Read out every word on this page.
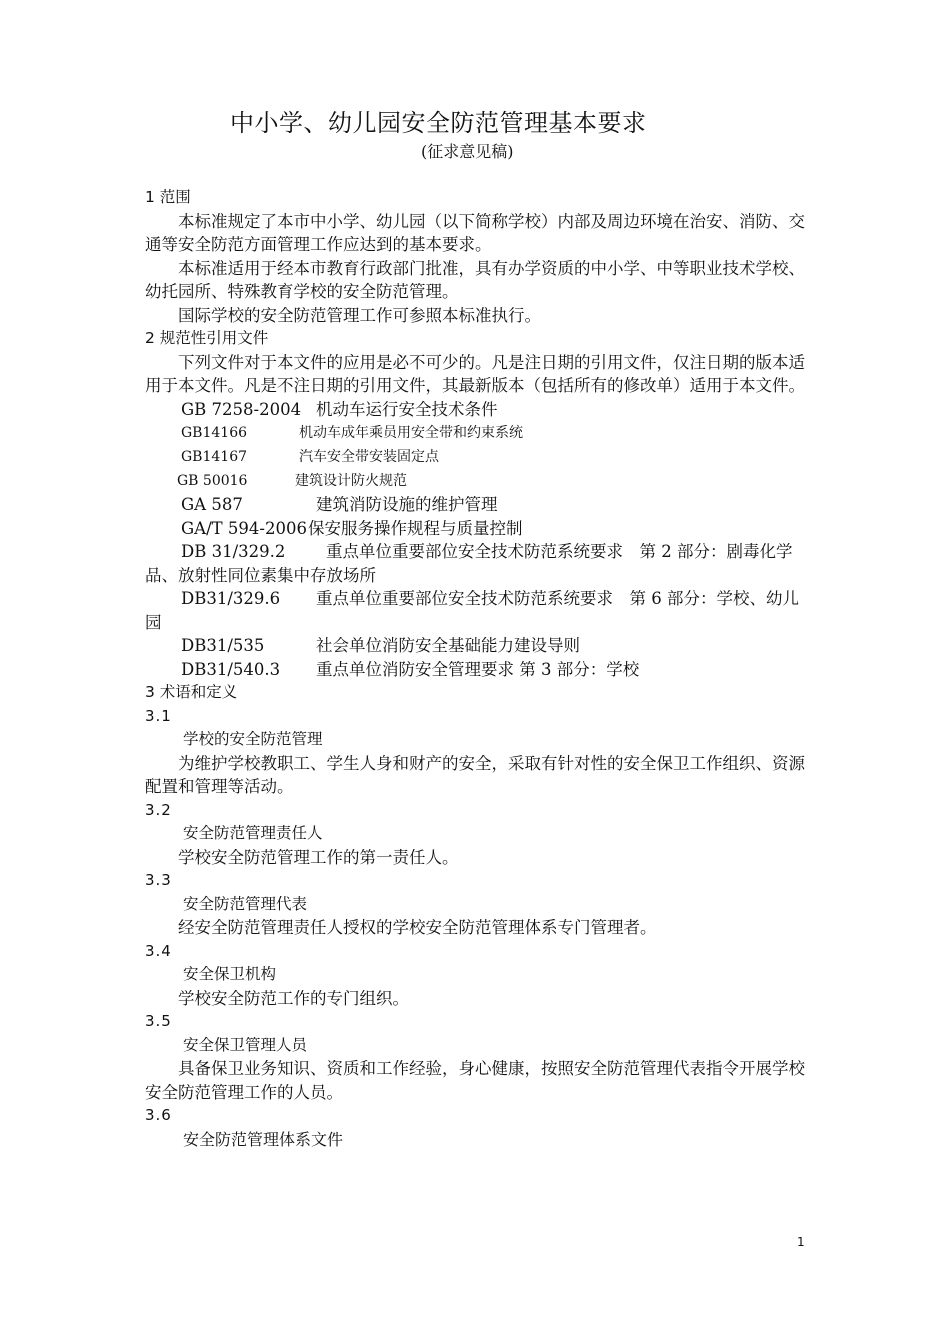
中小学、幼儿园安全防范管理基本要求
(征求意见稿)

1 范围

本标准规定了本市中小学、幼儿园（以下简称学校）内部及周边环境在治安、消防、交通等安全防范方面管理工作应达到的基本要求。

本标准适用于经本市教育行政部门批准，具有办学资质的中小学、中等职业技术学校、幼托园所、特殊教育学校的安全防范管理。

国际学校的安全防范管理工作可参照本标准执行。

2 规范性引用文件

下列文件对于本文件的应用是必不可少的。凡是注日期的引用文件，仅注日期的版本适用于本文件。凡是不注日期的引用文件，其最新版本（包括所有的修改单）适用于本文件。

GB 7258-2004 机动车运行安全技术条件

GB14166	机动车成年乘员用安全带和约束系统

GB14167	汽车安全带安装固定点

GB 50016	建筑设计防火规范

GA 587	建筑消防设施的维护管理

GA/T 594-2006保安服务操作规程与质量控制

DB 31/329.2 重点单位重要部位安全技术防范系统要求　第 2 部分：剧毒化学品、放射性同位素集中存放场所

DB31/329.6 重点单位重要部位安全技术防范系统要求　第 6 部分：学校、幼儿园

DB31/535	社会单位消防安全基础能力建设导则

DB31/540.3 重点单位消防安全管理要求 第 3 部分：学校

3 术语和定义

3.1

学校的安全防范管理

为维护学校教职工、学生人身和财产的安全，采取有针对性的安全保卫工作组织、资源配置和管理等活动。

3.2

安全防范管理责任人

学校安全防范管理工作的第一责任人。

3.3

安全防范管理代表

经安全防范管理责任人授权的学校安全防范管理体系专门管理者。

3.4

安全保卫机构

学校安全防范工作的专门组织。

3.5

安全保卫管理人员

具备保卫业务知识、资质和工作经验，身心健康，按照安全防范管理代表指令开展学校安全防范管理工作的人员。

3.6

安全防范管理体系文件

1
